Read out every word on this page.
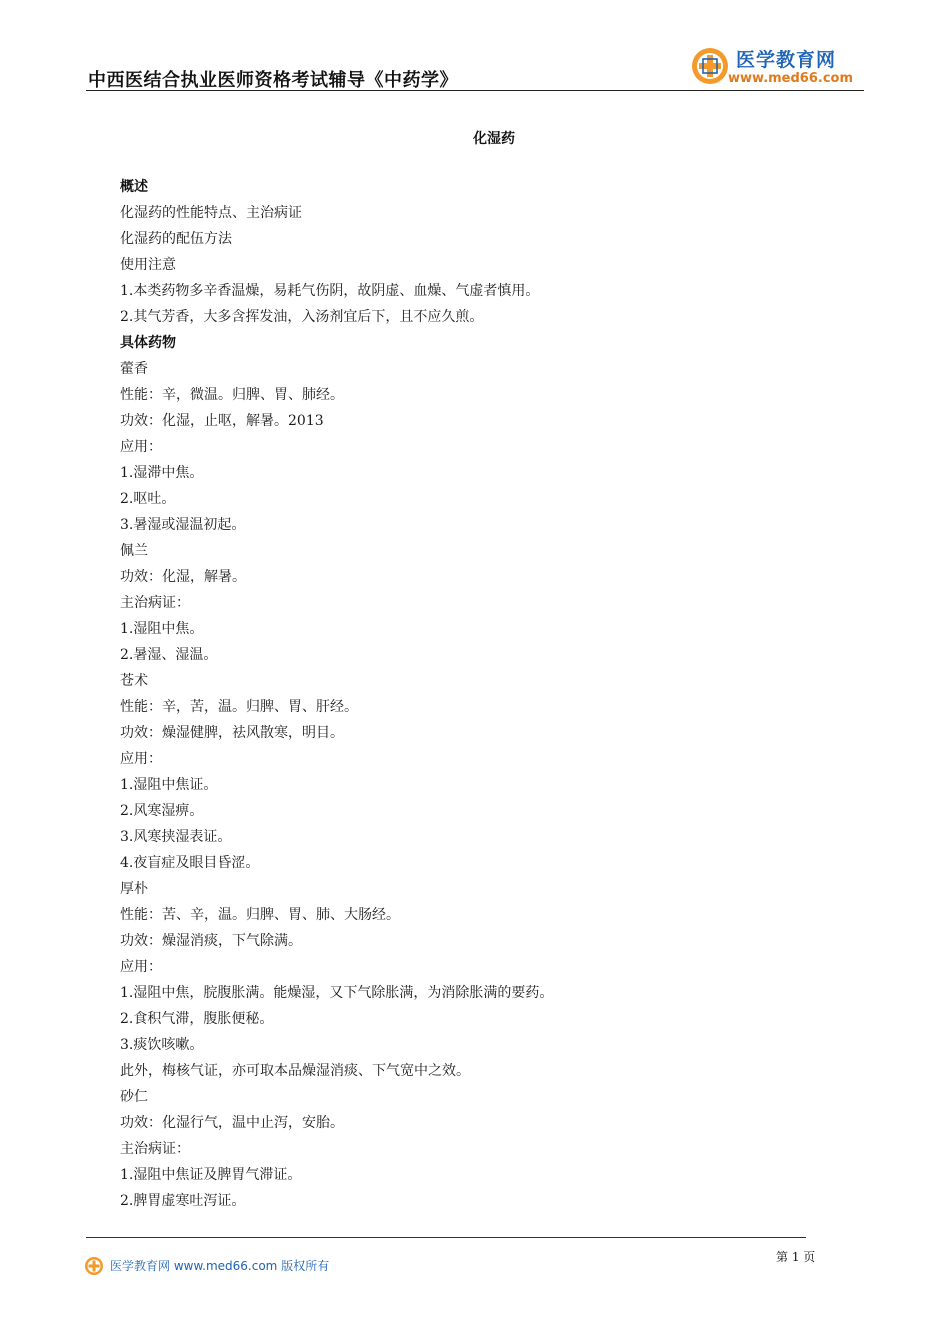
中西医结合执业医师资格考试辅导《中药学》
医学教育网
www.med66.com
化湿药
概述
化湿药的性能特点、主治病证
化湿药的配伍方法
使用注意
1.本类药物多辛香温燥，易耗气伤阴，故阴虚、血燥、气虚者慎用。
2.其气芳香，大多含挥发油，入汤剂宜后下，且不应久煎。
具体药物
藿香
性能：辛，微温。归脾、胃、肺经。
功效：化湿，止呕，解暑。2013
应用：
1.湿滞中焦。
2.呕吐。
3.暑湿或湿温初起。
佩兰
功效：化湿，解暑。
主治病证：
1.湿阻中焦。
2.暑湿、湿温。
苍术
性能：辛，苦，温。归脾、胃、肝经。
功效：燥湿健脾，祛风散寒，明目。
应用：
1.湿阻中焦证。
2.风寒湿痹。
3.风寒挟湿表证。
4.夜盲症及眼目昏涩。
厚朴
性能：苦、辛，温。归脾、胃、肺、大肠经。
功效：燥湿消痰，下气除满。
应用：
1.湿阻中焦，脘腹胀满。能燥湿，又下气除胀满，为消除胀满的要药。
2.食积气滞，腹胀便秘。
3.痰饮咳嗽。
此外，梅核气证，亦可取本品燥湿消痰、下气宽中之效。
砂仁
功效：化湿行气，温中止泻，安胎。
主治病证：
1.湿阻中焦证及脾胃气滞证。
2.脾胃虚寒吐泻证。
医学教育网 www.med66.com 版权所有
第 1 页
